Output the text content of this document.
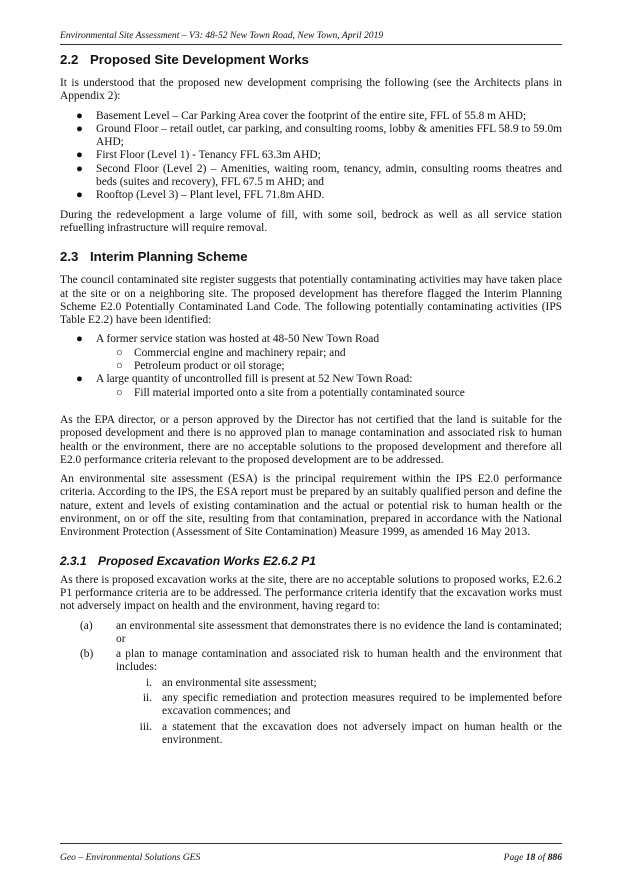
Environmental Site Assessment – V3: 48-52 New Town Road, New Town, April 2019
2.2 Proposed Site Development Works

It is understood that the proposed new development comprising the following (see the Architects plans in Appendix 2):

● Basement Level – Car Parking Area cover the footprint of the entire site, FFL of 55.8 m AHD;
● Ground Floor – retail outlet, car parking, and consulting rooms, lobby & amenities FFL 58.9 to 59.0m AHD;
● First Floor (Level 1) - Tenancy FFL 63.3m AHD;
● Second Floor (Level 2) – Amenities, waiting room, tenancy, admin, consulting rooms theatres and beds (suites and recovery), FFL 67.5 m AHD; and
● Rooftop (Level 3) – Plant level, FFL 71.8m AHD.

During the redevelopment a large volume of fill, with some soil, bedrock as well as all service station refuelling infrastructure will require removal.

2.3 Interim Planning Scheme

The council contaminated site register suggests that potentially contaminating activities may have taken place at the site or on a neighboring site. The proposed development has therefore flagged the Interim Planning Scheme E2.0 Potentially Contaminated Land Code. The following potentially contaminating activities (IPS Table E2.2) have been identified:

● A former service station was hosted at 48-50 New Town Road
○ Commercial engine and machinery repair; and
○ Petroleum product or oil storage;
● A large quantity of uncontrolled fill is present at 52 New Town Road:
○ Fill material imported onto a site from a potentially contaminated source

As the EPA director, or a person approved by the Director has not certified that the land is suitable for the proposed development and there is no approved plan to manage contamination and associated risk to human health or the environment, there are no acceptable solutions to the proposed development and therefore all E2.0 performance criteria relevant to the proposed development are to be addressed.

An environmental site assessment (ESA) is the principal requirement within the IPS E2.0 performance criteria. According to the IPS, the ESA report must be prepared by an suitably qualified person and define the nature, extent and levels of existing contamination and the actual or potential risk to human health or the environment, on or off the site, resulting from that contamination, prepared in accordance with the National Environment Protection (Assessment of Site Contamination) Measure 1999, as amended 16 May 2013.

2.3.1 Proposed Excavation Works E2.6.2 P1

As there is proposed excavation works at the site, there are no acceptable solutions to proposed works, E2.6.2 P1 performance criteria are to be addressed. The performance criteria identify that the excavation works must not adversely impact on health and the environment, having regard to:

(a)	an environmental site assessment that demonstrates there is no evidence the land is contaminated; or
(b)	a plan to manage contamination and associated risk to human health and the environment that includes:
i. an environmental site assessment;
ii. any specific remediation and protection measures required to be implemented before excavation commences; and
iii. a statement that the excavation does not adversely impact on human health or the environment.
Geo – Environmental Solutions GES	Page 18 of 886
